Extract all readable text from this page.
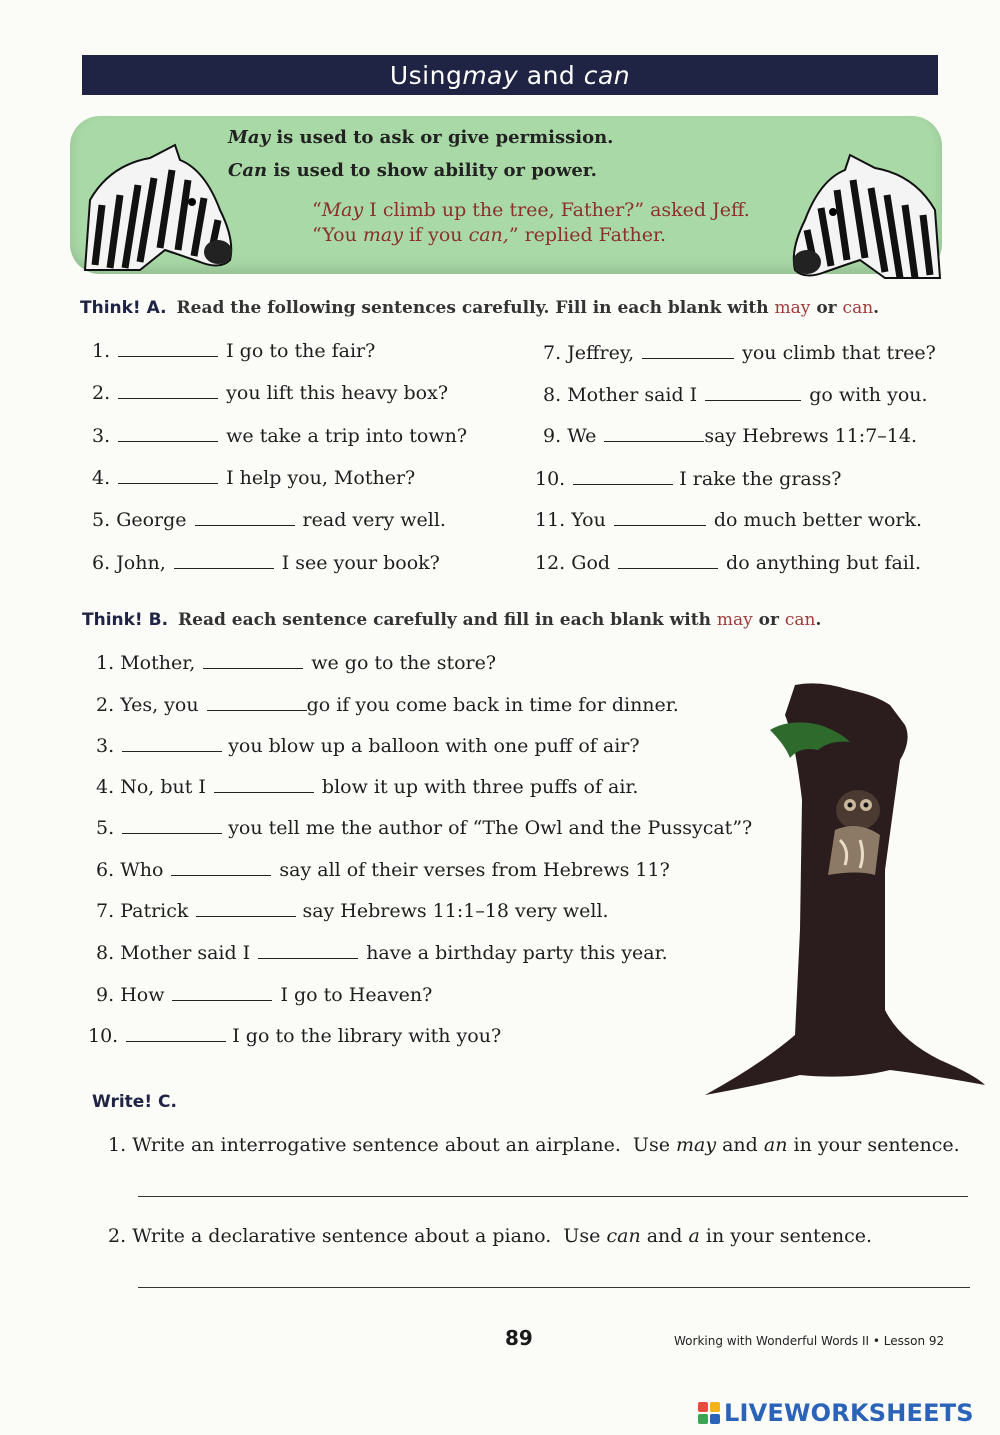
Using may and can
May is used to ask or give permission.
Can is used to show ability or power.
“May I climb up the tree, Father?” asked Jeff.
“You may if you can,” replied Father.
Think! A. Read the following sentences carefully. Fill in each blank with may or can.
1.	I go to the fair?
2.	you lift this heavy box?
3.	we take a trip into town?
4.	I help you, Mother?
5. George	read very well.
6. John,	I see your book?
7. Jeffrey,	you climb that tree?
8. Mother said I	go with you.
9. We	say Hebrews 11:7–14.
10.	I rake the grass?
11. You	do much better work.
12. God	do anything but fail.
Think! B. Read each sentence carefully and fill in each blank with may or can.
1. Mother,	we go to the store?
2. Yes, you	go if you come back in time for dinner.
3.	you blow up a balloon with one puff of air?
4. No, but I	blow it up with three puffs of air.
5.	you tell me the author of “The Owl and the Pussycat”?
6. Who	say all of their verses from Hebrews 11?
7. Patrick	say Hebrews 11:1–18 very well.
8. Mother said I	have a birthday party this year.
9. How	I go to Heaven?
10.	I go to the library with you?
Write! C.
1. Write an interrogative sentence about an airplane.  Use may and an in your sentence.
2. Write a declarative sentence about a piano.  Use can and a in your sentence.
89	Working with Wonderful Words II • Lesson 92
LIVEWORKSHEETS
